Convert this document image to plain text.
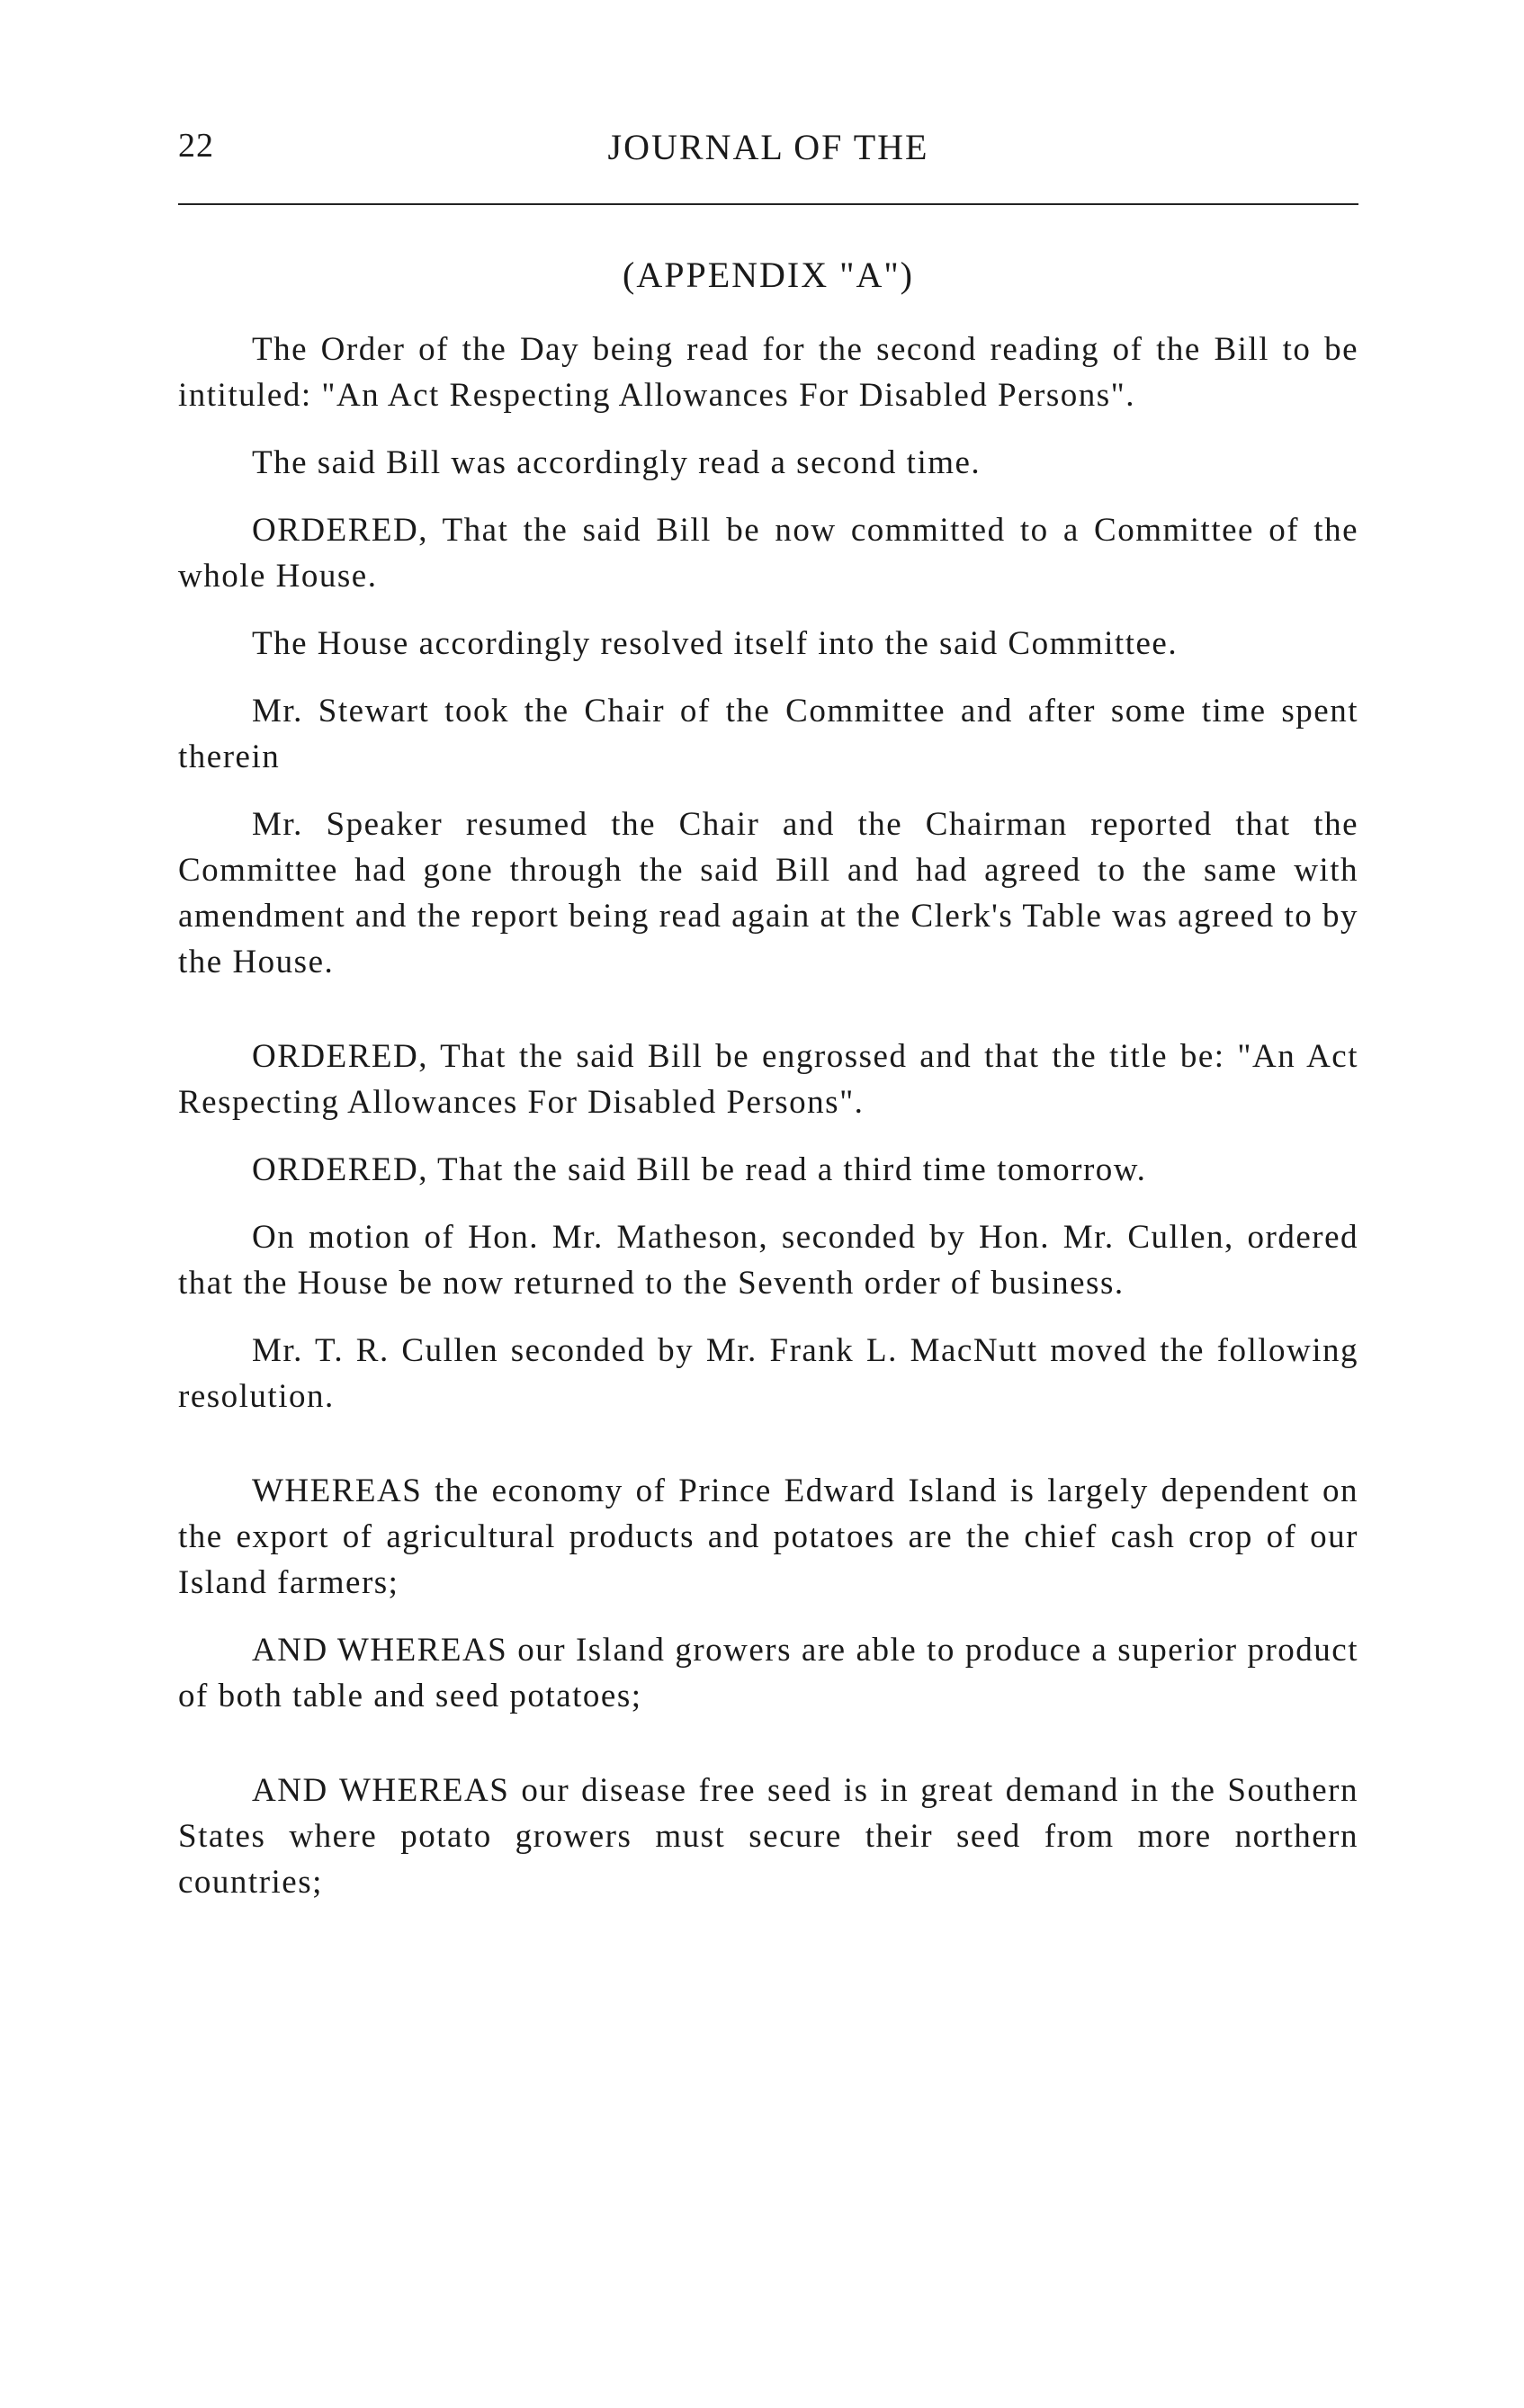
22	JOURNAL OF THE
(APPENDIX "A")

The Order of the Day being read for the second reading of the Bill to be intituled: "An Act Respecting Allowances For Disabled Persons".

The said Bill was accordingly read a second time.

ORDERED, That the said Bill be now committed to a Committee of the whole House.

The House accordingly resolved itself into the said Committee.

Mr. Stewart took the Chair of the Committee and after some time spent therein

Mr. Speaker resumed the Chair and the Chairman reported that the Committee had gone through the said Bill and had agreed to the same with amendment and the report being read again at the Clerk's Table was agreed to by the House.

ORDERED, That the said Bill be engrossed and that the title be: "An Act Respecting Allowances For Disabled Persons".

ORDERED, That the said Bill be read a third time tomorrow.

On motion of Hon. Mr. Matheson, seconded by Hon. Mr. Cullen, ordered that the House be now returned to the Seventh order of business.

Mr. T. R. Cullen seconded by Mr. Frank L. MacNutt moved the following resolution.

WHEREAS the economy of Prince Edward Island is largely dependent on the export of agricultural products and potatoes are the chief cash crop of our Island farmers;

AND WHEREAS our Island growers are able to produce a superior product of both table and seed potatoes;

AND WHEREAS our disease free seed is in great demand in the Southern States where potato growers must secure their seed from more northern countries;
